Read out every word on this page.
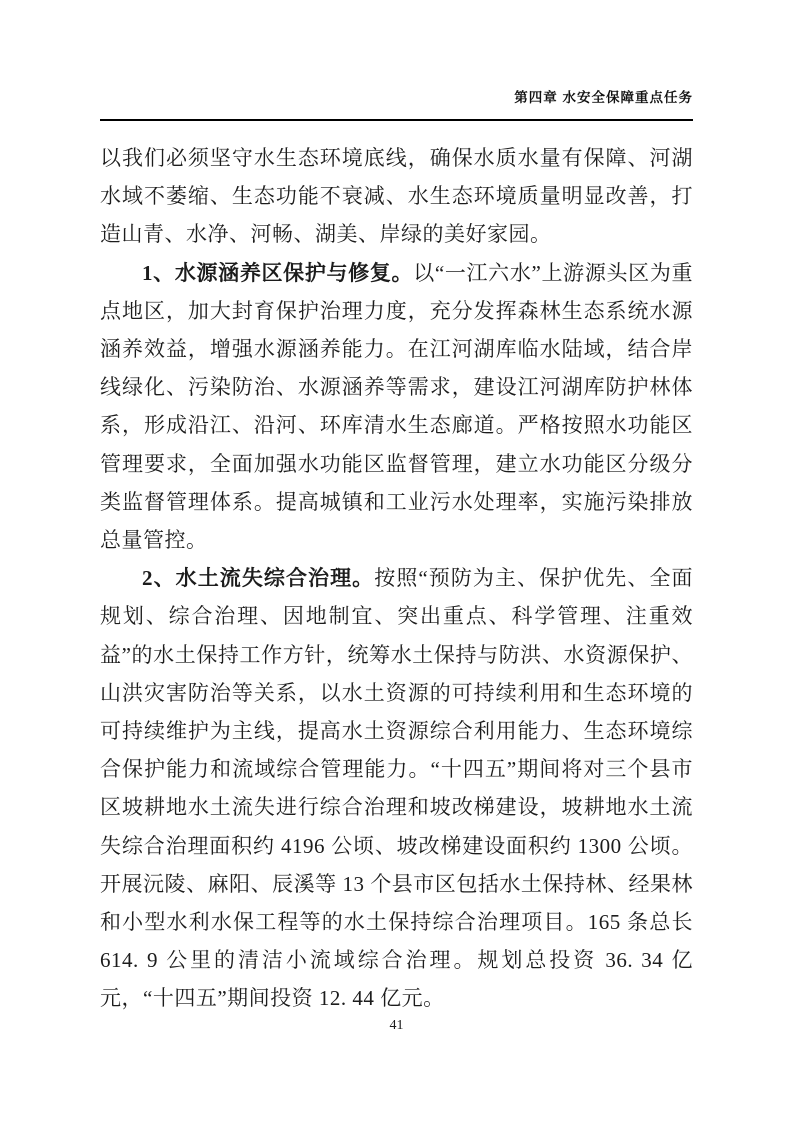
第四章 水安全保障重点任务

以我们必须坚守水生态环境底线，确保水质水量有保障、河湖水域不萎缩、生态功能不衰减、水生态环境质量明显改善，打造山青、水净、河畅、湖美、岸绿的美好家园。

1、水源涵养区保护与修复。以“一江六水”上游源头区为重点地区，加大封育保护治理力度，充分发挥森林生态系统水源涵养效益，增强水源涵养能力。在江河湖库临水陆域，结合岸线绿化、污染防治、水源涵养等需求，建设江河湖库防护林体系，形成沿江、沿河、环库清水生态廊道。严格按照水功能区管理要求，全面加强水功能区监督管理，建立水功能区分级分类监督管理体系。提高城镇和工业污水处理率，实施污染排放总量管控。

2、水土流失综合治理。按照“预防为主、保护优先、全面规划、综合治理、因地制宜、突出重点、科学管理、注重效益”的水土保持工作方针，统筹水土保持与防洪、水资源保护、山洪灾害防治等关系，以水土资源的可持续利用和生态环境的可持续维护为主线，提高水土资源综合利用能力、生态环境综合保护能力和流域综合管理能力。“十四五”期间将对三个县市区坡耕地水土流失进行综合治理和坡改梯建设，坡耕地水土流失综合治理面积约 4196 公顷、坡改梯建设面积约 1300 公顷。开展沅陵、麻阳、辰溪等 13 个县市区包括水土保持林、经果林和小型水利水保工程等的水土保持综合治理项目。165 条总长 614. 9 公里的清洁小流域综合治理。规划总投资 36. 34 亿元，“十四五”期间投资 12. 44 亿元。

41
